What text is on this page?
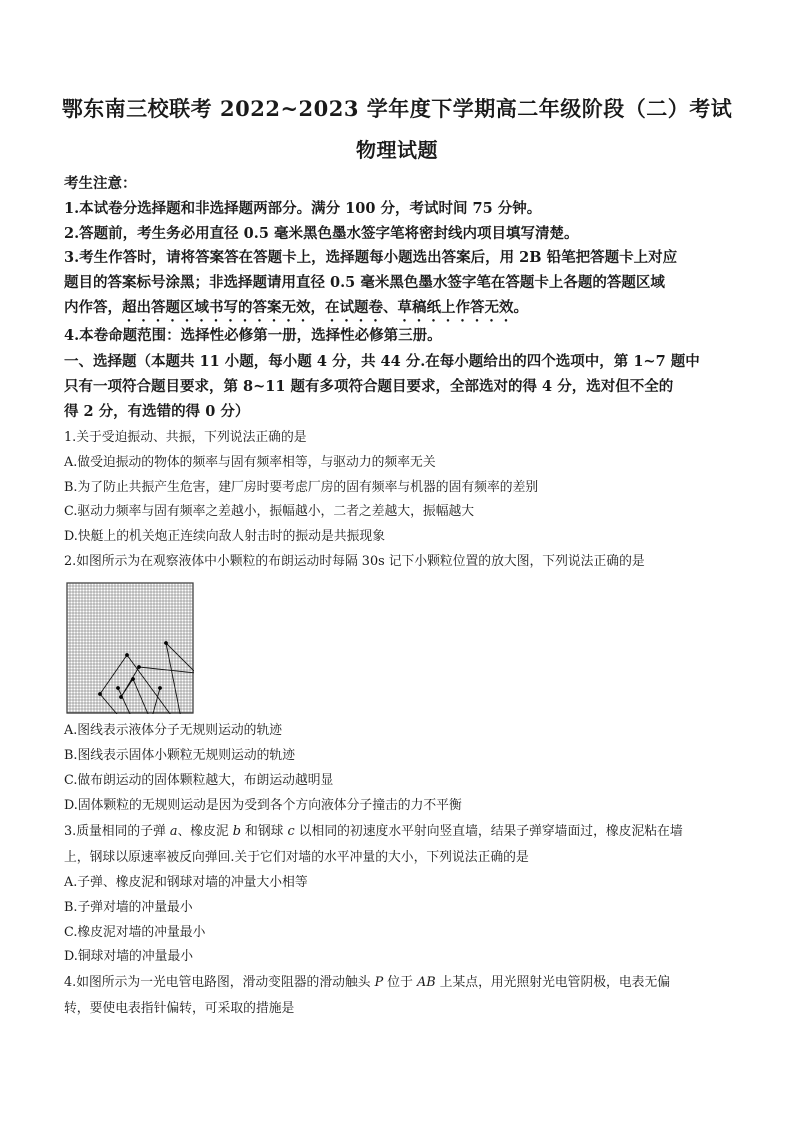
鄂东南三校联考 2022~2023 学年度下学期高二年级阶段（二）考试
物理试题
考生注意：
1.本试卷分选择题和非选择题两部分。满分 100 分，考试时间 75 分钟。
2.答题前，考生务必用直径 0.5 毫米黑色墨水签字笔将密封线内项目填写清楚。
3.考生作答时，请将答案答在答题卡上，选择题每小题选出答案后，用 2B 铅笔把答题卡上对应
题目的答案标号涂黑；非选择题请用直径 0.5 毫米黑色墨水签字笔在答题卡上各题的答题区域
内作答，超出答题区域书写的答案无效，在试题卷、草稿纸上作答无效。
4.本卷命题范围：选择性必修第一册，选择性必修第三册。
一、选择题（本题共 11 小题，每小题 4 分，共 44 分.在每小题给出的四个选项中，第 1~7 题中
只有一项符合题目要求，第 8~11 题有多项符合题目要求，全部选对的得 4 分，选对但不全的
得 2 分，有选错的得 0 分）
1.关于受迫振动、共振，下列说法正确的是
A.做受迫振动的物体的频率与固有频率相等，与驱动力的频率无关
B.为了防止共振产生危害，建厂房时要考虑厂房的固有频率与机器的固有频率的差别
C.驱动力频率与固有频率之差越小，振幅越小，二者之差越大，振幅越大
D.快艇上的机关炮正连续向敌人射击时的振动是共振现象
2.如图所示为在观察液体中小颗粒的布朗运动时每隔 30s 记下小颗粒位置的放大图，下列说法正确的是
A.图线表示液体分子无规则运动的轨迹
B.图线表示固体小颗粒无规则运动的轨迹
C.做布朗运动的固体颗粒越大，布朗运动越明显
D.固体颗粒的无规则运动是因为受到各个方向液体分子撞击的力不平衡
3.质量相同的子弹 a、橡皮泥 b 和钢球 c 以相同的初速度水平射向竖直墙，结果子弹穿墙面过，橡皮泥粘在墙
上，钢球以原速率被反向弹回.关于它们对墙的水平冲量的大小，下列说法正确的是
A.子弹、橡皮泥和钢球对墙的冲量大小相等
B.子弹对墙的冲量最小
C.橡皮泥对墙的冲量最小
D.铜球对墙的冲量最小
4.如图所示为一光电管电路图，滑动变阻器的滑动触头 P 位于 AB 上某点，用光照射光电管阴极，电表无偏
转，要使电表指针偏转，可采取的措施是
